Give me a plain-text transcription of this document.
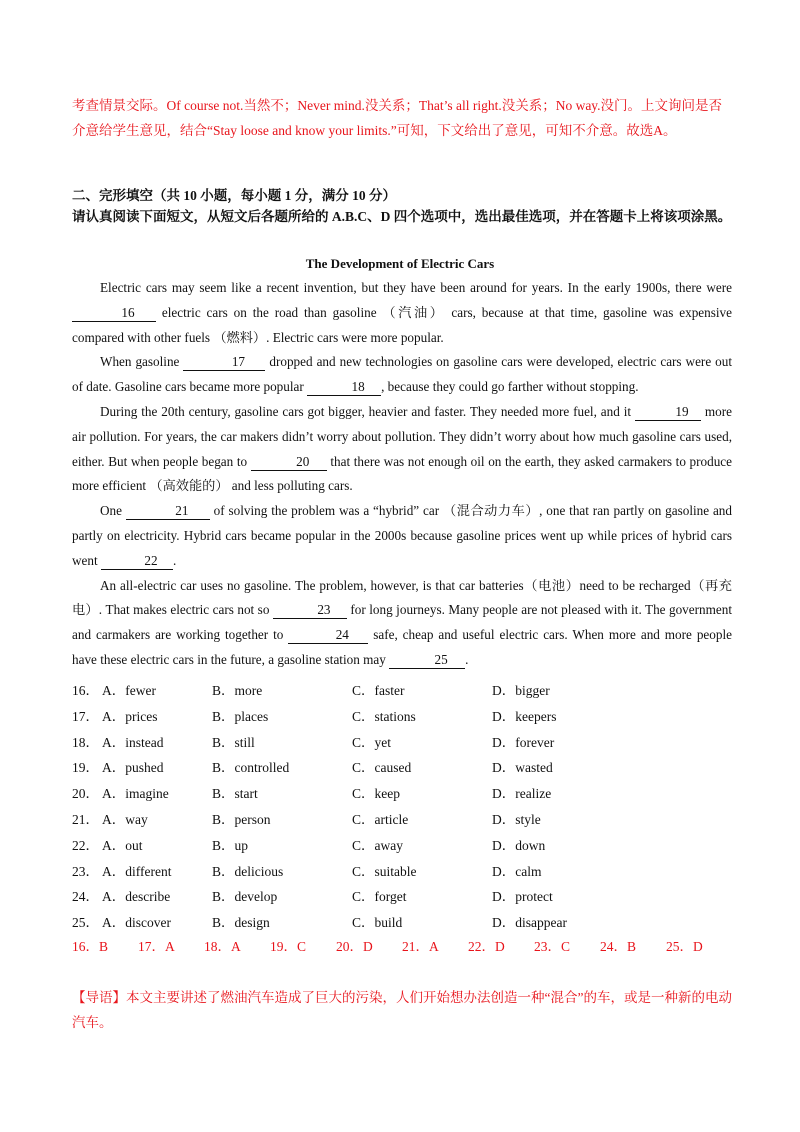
考查情景交际。Of course not.当然不；Never mind.没关系；That’s all right.没关系；No way.没门。上文询问是否介意给学生意见，结合“Stay loose and know your limits.”可知，下文给出了意见，可知不介意。故选A。
二、完形填空（共 10 小题，每小题 1 分，满分 10 分）
请认真阅读下面短文，从短文后各题所给的 A.B.C、D 四个选项中，选出最佳选项，并在答题卡上将该项涂黑。
The Development of Electric Cars

Electric cars may seem like a recent invention, but they have been around for years. In the early 1900s, there were 16 electric cars on the road than gasoline （汽油） cars, because at that time, gasoline was expensive compared with other fuels （燃料）. Electric cars were more popular.

When gasoline	17 dropped and new technologies on gasoline cars were developed, electric cars were out of date. Gasoline cars became more popular	18 , because they could go farther without stopping.

During the 20th century, gasoline cars got bigger, heavier and faster. They needed more fuel, and it	19 more air pollution. For years, the car makers didn’t worry about pollution. They didn’t worry about how much gasoline cars used, either. But when people began to	20 that there was not enough oil on the earth, they asked carmakers to produce more efficient （高效能的） and less polluting cars.

One	21 of solving the problem was a “hybrid” car （混合动力车）, one that ran partly on gasoline and partly on electricity. Hybrid cars became popular in the 2000s because gasoline prices went up while prices of hybrid cars went	22 .

An all-electric car uses no gasoline. The problem, however, is that car batteries（电池）need to be recharged（再充电）. That makes electric cars not so	23 for long journeys. Many people are not pleased with it. The government and carmakers are working together to	24 safe, cheap and useful electric cars. When more and more people have these electric cars in the future, a gasoline station may	25 .

16． A．fewer	B．more	C．faster	D．bigger
17． A．prices	B．places	C．stations	D．keepers
18． A．instead	B．still	C．yet	D．forever
19． A．pushed	B．controlled	C．caused	D．wasted
20． A．imagine	B．start	C．keep	D．realize
21． A．way	B．person	C．article	D．style
22． A．out	B．up	C．away	D．down
23． A．different	B．delicious	C．suitable	D．calm
24． A．describe	B．develop	C．forget	D．protect
25． A．discover	B．design	C．build	D．disappear
16．B 17．A 18．A 19．C 20．D 21．A 22．D 23．C 24．B 25．D
【导语】本文主要讲述了燃油汽车造成了巨大的污染，人们开始想办法创造一种“混合”的车，或是一种新的电动汽车。
